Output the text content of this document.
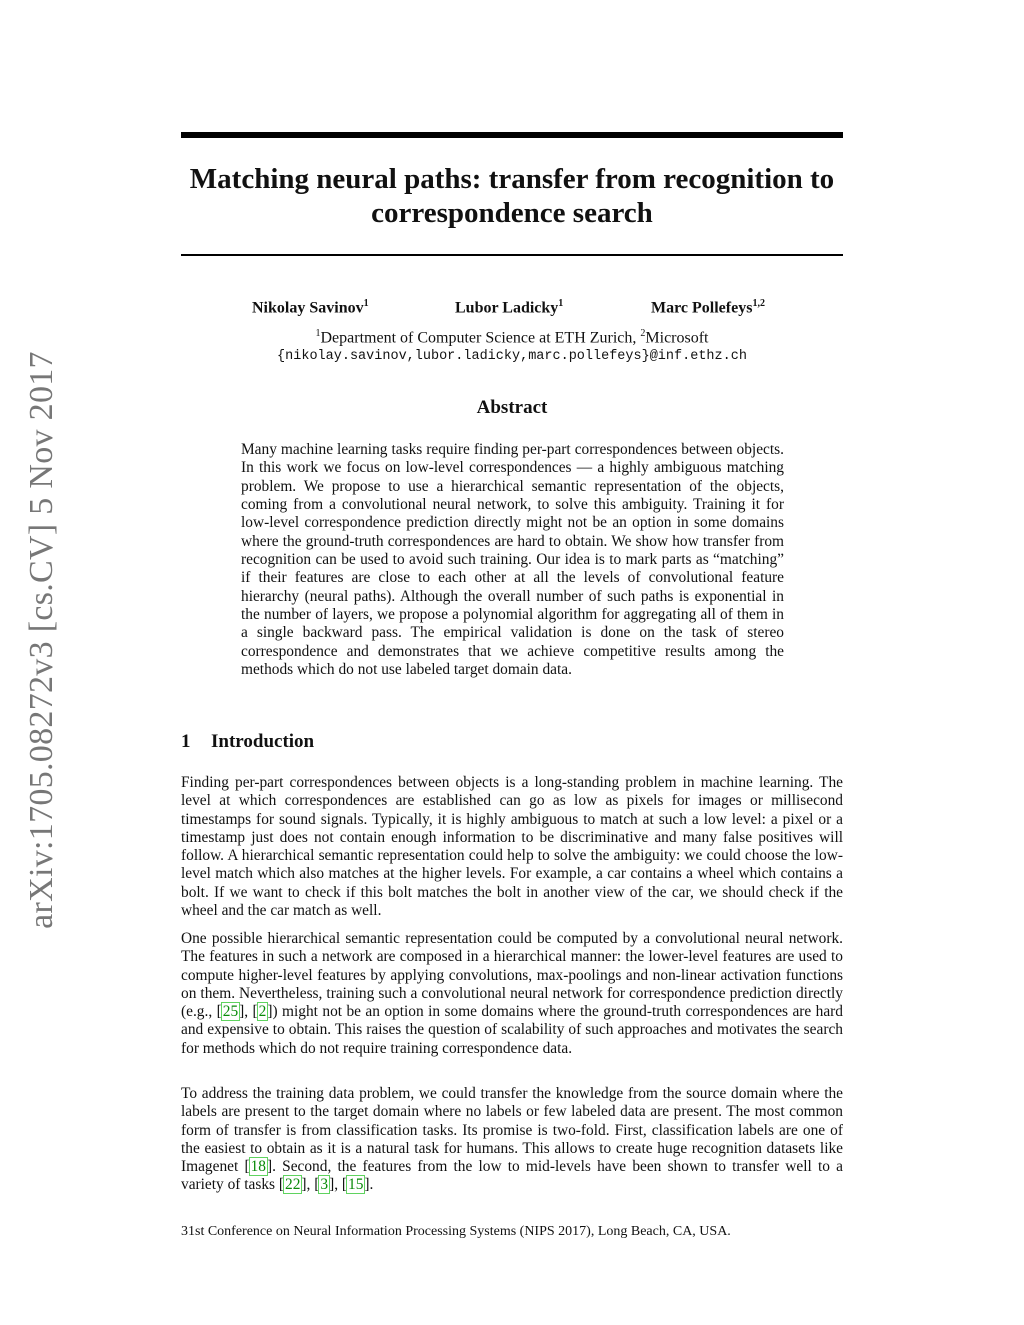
arXiv:1705.08272v3 [cs.CV] 5 Nov 2017
Matching neural paths: transfer from recognition to correspondence search
Nikolay Savinov$^1$	Lubor Ladicky$^1$	Marc Pollefeys$^{1,2}$
$^1$Department of Computer Science at ETH Zurich, $^2$Microsoft
{nikolay.savinov,lubor.ladicky,marc.pollefeys}@inf.ethz.ch
Abstract
Many machine learning tasks require finding per-part correspondences between objects. In this work we focus on low-level correspondences — a highly ambiguous matching problem. We propose to use a hierarchical semantic representation of the objects, coming from a convolutional neural network, to solve this ambiguity. Training it for low-level correspondence prediction directly might not be an option in some domains where the ground-truth correspondences are hard to obtain. We show how transfer from recognition can be used to avoid such training. Our idea is to mark parts as “matching” if their features are close to each other at all the levels of convolutional feature hierarchy (neural paths). Although the overall number of such paths is exponential in the number of layers, we propose a polynomial algorithm for aggregating all of them in a single backward pass. The empirical validation is done on the task of stereo correspondence and demonstrates that we achieve competitive results among the methods which do not use labeled target domain data.
1 Introduction

Finding per-part correspondences between objects is a long-standing problem in machine learning. The level at which correspondences are established can go as low as pixels for images or millisecond timestamps for sound signals. Typically, it is highly ambiguous to match at such a low level: a pixel or a timestamp just does not contain enough information to be discriminative and many false positives will follow. A hierarchical semantic representation could help to solve the ambiguity: we could choose the low-level match which also matches at the higher levels. For example, a car contains a wheel which contains a bolt. If we want to check if this bolt matches the bolt in another view of the car, we should check if the wheel and the car match as well.

One possible hierarchical semantic representation could be computed by a convolutional neural network. The features in such a network are composed in a hierarchical manner: the lower-level features are used to compute higher-level features by applying convolutions, max-poolings and non-linear activation functions on them. Nevertheless, training such a convolutional neural network for correspondence prediction directly (e.g., [25], [2]) might not be an option in some domains where the ground-truth correspondences are hard and expensive to obtain. This raises the question of scalability of such approaches and motivates the search for methods which do not require training correspondence data.

To address the training data problem, we could transfer the knowledge from the source domain where the labels are present to the target domain where no labels or few labeled data are present. The most common form of transfer is from classification tasks. Its promise is two-fold. First, classification labels are one of the easiest to obtain as it is a natural task for humans. This allows to create huge recognition datasets like Imagenet [18]. Second, the features from the low to mid-levels have been shown to transfer well to a variety of tasks [22], [3], [15].

31st Conference on Neural Information Processing Systems (NIPS 2017), Long Beach, CA, USA.
